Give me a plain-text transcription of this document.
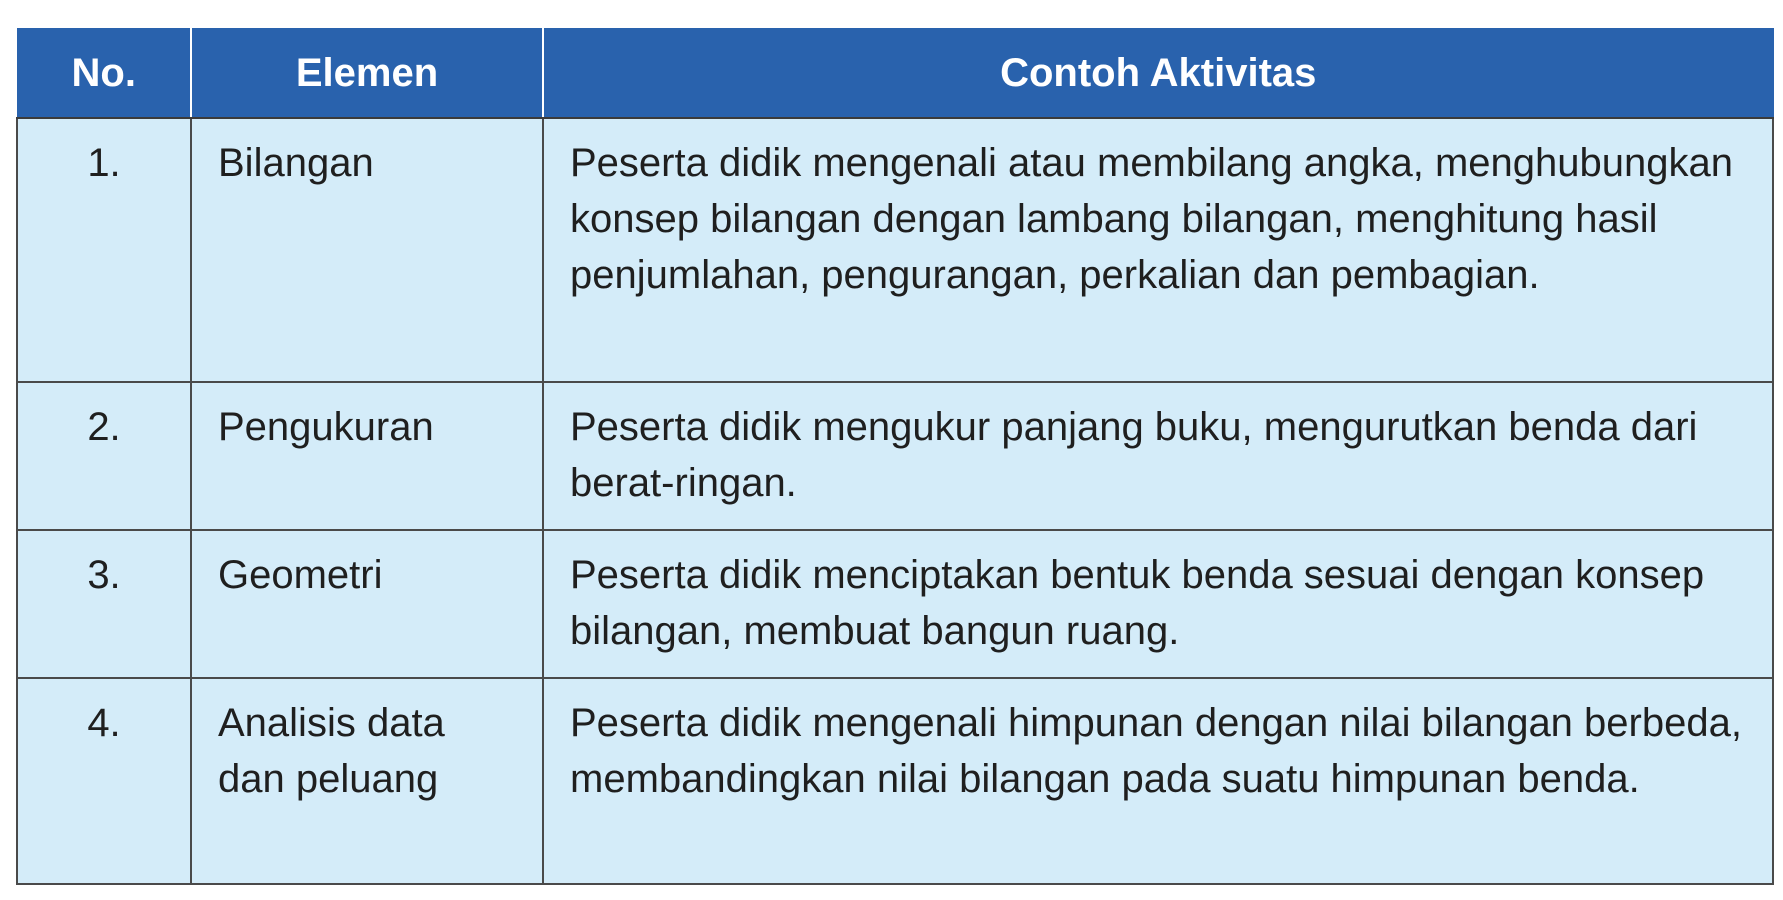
No.	Elemen	Contoh Aktivitas
1.	Bilangan	Peserta didik mengenali atau membilang angka, menghubungkan konsep bilangan dengan lambang bilangan, menghitung hasil penjumlahan, pengurangan, perkalian dan pembagian.
2.	Pengukuran	Peserta didik mengukur panjang buku, mengurutkan benda dari berat-ringan.
3.	Geometri	Peserta didik menciptakan bentuk benda sesuai dengan konsep bilangan, membuat bangun ruang.
4.	Analisis data dan peluang	Peserta didik mengenali himpunan dengan nilai bilangan berbeda, membandingkan nilai bilangan pada suatu himpunan benda.
